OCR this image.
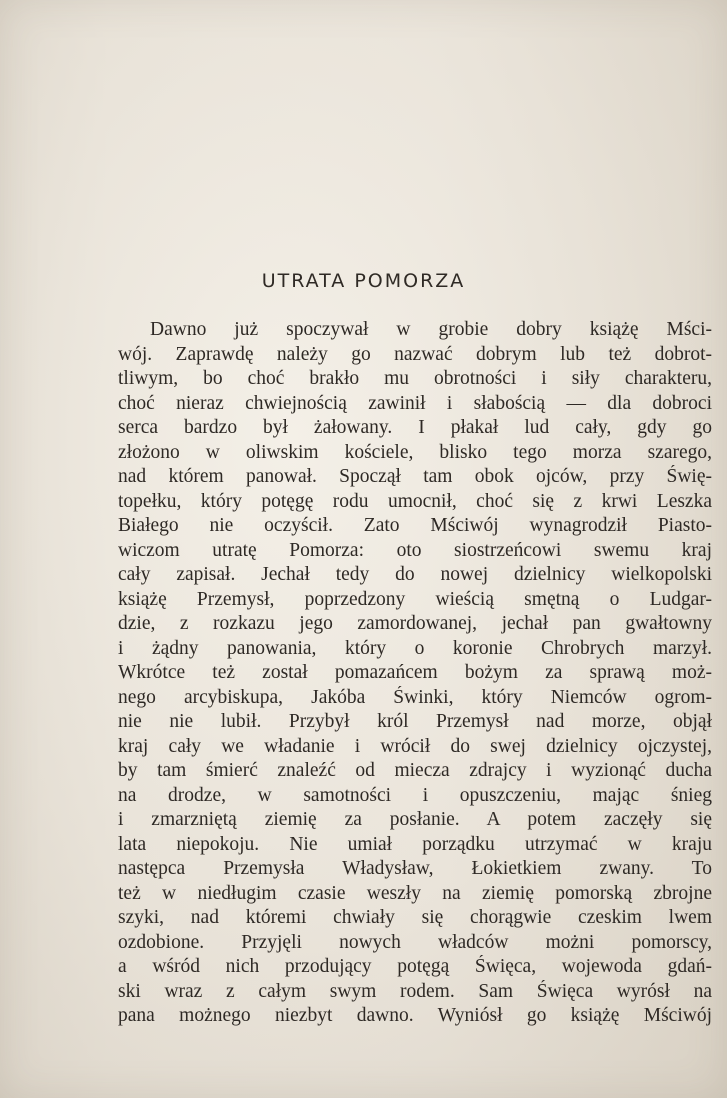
UTRATA POMORZA
Dawno już spoczywał w grobie dobry książę Mści-
wój. Zaprawdę należy go nazwać dobrym lub też dobrot-
tliwym, bo choć brakło mu obrotności i siły charakteru,
choć nieraz chwiejnością zawinił i słabością — dla dobroci
serca bardzo był żałowany. I płakał lud cały, gdy go
złożono w oliwskim kościele, blisko tego morza szarego,
nad którem panował. Spoczął tam obok ojców, przy Świę-
topełku, który potęgę rodu umocnił, choć się z krwi Leszka
Białego nie oczyścił. Zato Mściwój wynagrodził Piasto-
wiczom utratę Pomorza: oto siostrzeńcowi swemu kraj
cały zapisał. Jechał tedy do nowej dzielnicy wielkopolski
książę Przemysł, poprzedzony wieścią smętną o Ludgar-
dzie, z rozkazu jego zamordowanej, jechał pan gwałtowny
i żądny panowania, który o koronie Chrobrych marzył.
Wkrótce też został pomazańcem bożym za sprawą moż-
nego arcybiskupa, Jakóba Świnki, który Niemców ogrom-
nie nie lubił. Przybył król Przemysł nad morze, objął
kraj cały we władanie i wrócił do swej dzielnicy ojczystej,
by tam śmierć znaleźć od miecza zdrajcy i wyzionąć ducha
na drodze, w samotności i opuszczeniu, mając śnieg
i zmarzniętą ziemię za posłanie. A potem zaczęły się
lata niepokoju. Nie umiał porządku utrzymać w kraju
następca Przemysła Władysław, Łokietkiem zwany. To
też w niedługim czasie weszły na ziemię pomorską zbrojne
szyki, nad któremi chwiały się chorągwie czeskim lwem
ozdobione. Przyjęli nowych władców możni pomorscy,
a wśród nich przodujący potęgą Święca, wojewoda gdań-
ski wraz z całym swym rodem. Sam Święca wyrósł na
pana możnego niezbyt dawno. Wyniósł go książę Mściwój
